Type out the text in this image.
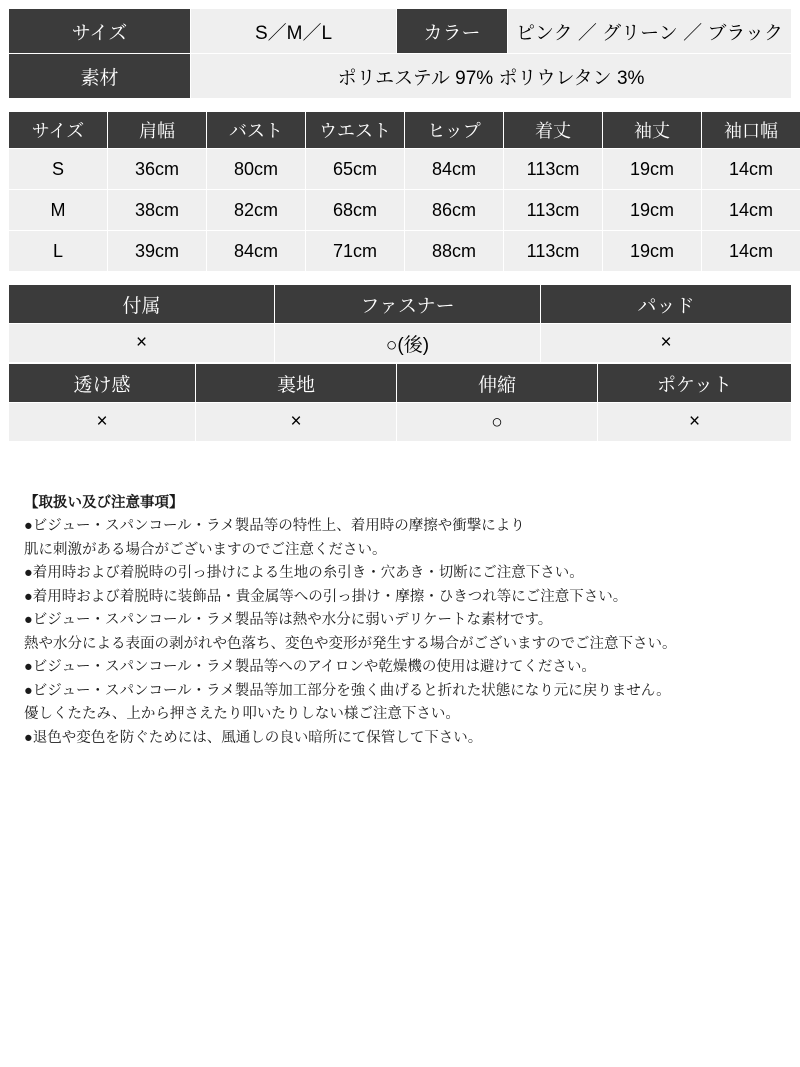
サイズ	S／M／L	カラー	ピンク ／ グリーン ／ ブラック
素材	ポリエステル 97% ポリウレタン 3%		
サイズ	肩幅	バスト	ウエスト	ヒップ	着丈	袖丈	袖口幅
S	36cm	80cm	65cm	84cm	113cm	19cm	14cm
M	38cm	82cm	68cm	86cm	113cm	19cm	14cm
L	39cm	84cm	71cm	88cm	113cm	19cm	14cm
付属	ファスナー	パッド
×	○(後)	×
透け感	裏地	伸縮	ポケット
×	×	○	×

【取扱い及び注意事項】

●ビジュー・スパンコール・ラメ製品等の特性上、着用時の摩擦や衝撃により

肌に刺激がある場合がございますのでご注意ください。

●着用時および着脱時の引っ掛けによる生地の糸引き・穴あき・切断にご注意下さい。

●着用時および着脱時に装飾品・貴金属等への引っ掛け・摩擦・ひきつれ等にご注意下さい。

●ビジュー・スパンコール・ラメ製品等は熱や水分に弱いデリケートな素材です。

熱や水分による表面の剥がれや色落ち、変色や変形が発生する場合がございますのでご注意下さい。

●ビジュー・スパンコール・ラメ製品等へのアイロンや乾燥機の使用は避けてください。

●ビジュー・スパンコール・ラメ製品等加工部分を強く曲げると折れた状態になり元に戻りません。

優しくたたみ、上から押さえたり叩いたりしない様ご注意下さい。

●退色や変色を防ぐためには、風通しの良い暗所にて保管して下さい。
